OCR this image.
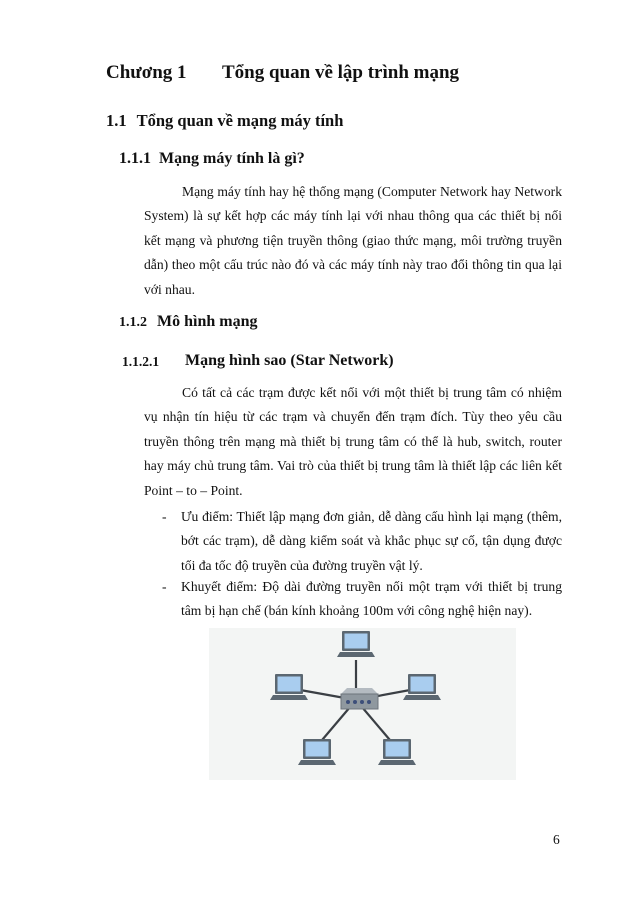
Chương 1 Tổng quan về lập trình mạng
1.1 Tổng quan về mạng máy tính
1.1.1 Mạng máy tính là gì?
Mạng máy tính hay hệ thống mạng (Computer Network hay Network System) là sự kết hợp các máy tính lại với nhau thông qua các thiết bị nối kết mạng và phương tiện truyền thông (giao thức mạng, môi trường truyền dẫn) theo một cấu trúc nào đó và các máy tính này trao đổi thông tin qua lại với nhau.
1.1.2 Mô hình mạng
1.1.2.1 Mạng hình sao (Star Network)
Có tất cả các trạm được kết nối với một thiết bị trung tâm có nhiệm vụ nhận tín hiệu từ các trạm và chuyển đến trạm đích. Tùy theo yêu cầu truyền thông trên mạng mà thiết bị trung tâm có thể là hub, switch, router hay máy chủ trung tâm. Vai trò của thiết bị trung tâm là thiết lập các liên kết Point – to – Point.
- Ưu điểm: Thiết lập mạng đơn giản, dễ dàng cấu hình lại mạng (thêm, bớt các trạm), dễ dàng kiểm soát và khắc phục sự cố, tận dụng được tối đa tốc độ truyền của đường truyền vật lý.
- Khuyết điểm: Độ dài đường truyền nối một trạm với thiết bị trung tâm bị hạn chế (bán kính khoảng 100m với công nghệ hiện nay).
6
